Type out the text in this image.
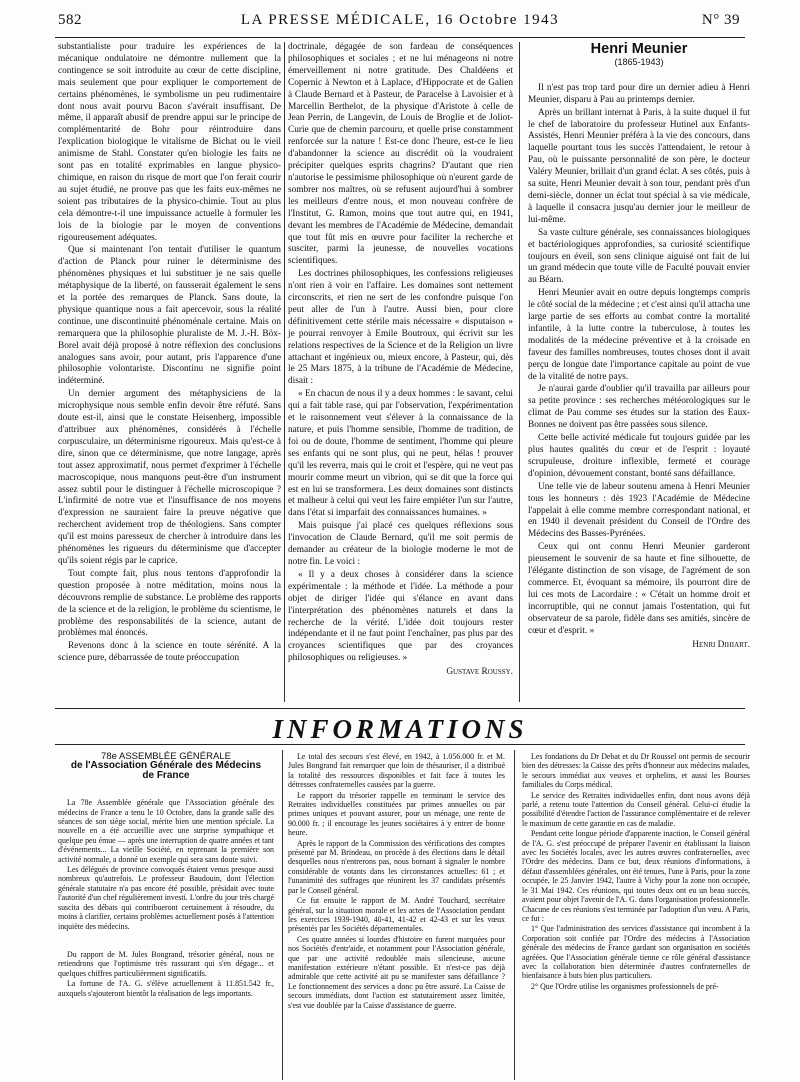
582	LA PRESSE MÉDICALE, 16 Octobre 1943	N° 39

substantialiste pour traduire les expériences de la mécanique ondulatoire ne démontre nullement que la contingence se soit introduite au cœur de cette discipline, mais seulement que pour expliquer le comportement de certains phénomènes, le symbolisme un peu rudimentaire dont nous avait pourvu Bacon s'avérait insuffisant. De même, il apparaît abusif de prendre appui sur le principe de complémentarité de Bohr pour réintroduire dans l'explication biologique le vitalisme de Bichat ou le vieil animisme de Stahl. Constater qu'en biologie les faits ne sont pas en totalité exprimables en langue physico-chimique, en raison du risque de mort que l'on ferait courir au sujet étudié, ne prouve pas que les faits eux-mêmes ne soient pas tributaires de la physico-chimie. Tout au plus cela démontre-t-il une impuissance actuelle à formuler les lois de la biologie par le moyen de conventions rigoureusement adéquates.

Que si maintenant l'on tentait d'utiliser le quantum d'action de Planck pour ruiner le déterminisme des phénomènes physiques et lui substituer je ne sais quelle métaphysique de la liberté, on fausserait également le sens et la portée des remarques de Planck. Sans doute, la physique quantique nous a fait apercevoir, sous la réalité continue, une discontinuité phénoménale certaine. Mais on remarquera que la philosophie pluraliste de M. J.-H. Böx-Borel avait déjà proposé à notre réflexion des conclusions analogues sans avoir, pour autant, pris l'apparence d'une philosophie volontariste. Discontinu ne signifie point indéterminé.

Un dernier argument des métaphysiciens de la microphysique nous semble enfin devoir être réfuté. Sans doute est-il, ainsi que le constate Heisenberg, impossible d'attribuer aux phénomènes, considérés à l'échelle corpusculaire, un déterminisme rigoureux. Mais qu'est-ce à dire, sinon que ce déterminisme, que notre langage, après tout assez approximatif, nous permet d'exprimer à l'échelle macroscopique, nous manquons peut-être d'un instrument assez subtil pour le distinguer à l'échelle microscopique ? L'infirmité de notre vue et l'insuffisance de nos moyens d'expression ne sauraient faire la preuve négative que recherchent avidement trop de théologiens. Sans compter qu'il est moins paresseux de chercher à introduire dans les phénomènes les rigueurs du déterminisme que d'accepter qu'ils soient régis par le caprice.

Tout compte fait, plus nous tentons d'approfondir la question proposée à notre méditation, moins nous la découvrons remplie de substance. Le problème des rapports de la science et de la religion, le problème du scientisme, le problème des responsabilités de la science, autant de problèmes mal énoncés.

Revenons donc à la science en toute sérénité. A la science pure, débarrassée de toute préoccupation

doctrinale, dégagée de son fardeau de conséquences philosophiques et sociales ; et ne lui ménageons ni notre émerveillement ni notre gratitude. Des Chaldéens et Copernic à Newton et à Laplace, d'Hippocrate et de Galien à Claude Bernard et à Pasteur, de Paracelse à Lavoisier et à Marcellin Berthelot, de la physique d'Aristote à celle de Jean Perrin, de Langevin, de Louis de Broglie et de Joliot-Curie que de chemin parcouru, et quelle prise constamment renforcée sur la nature ! Est-ce donc l'heure, est-ce le lieu d'abandonner la science au discrédit où la voudraient précipiter quelques esprits chagrins? D'autant que rien n'autorise le pessimisme philosophique où n'eurent garde de sombrer nos maîtres, où se refusent aujourd'hui à sombrer les meilleurs d'entre nous, et mon nouveau confrère de l'Institut, G. Ramon, moins que tout autre qui, en 1941, devant les membres de l'Académie de Médecine, demandait que tout fût mis en œuvre pour faciliter la recherche et susciter, parmi la jeunesse, de nouvelles vocations scientifiques.

Les doctrines philosophiques, les confessions religieuses n'ont rien à voir en l'affaire. Les domaines sont nettement circonscrits, et rien ne sert de les confondre puisque l'on peut aller de l'un à l'autre. Aussi bien, pour clore définitivement cette stérile mais nécessaire « disputaison » je pourrai renvoyer à Emile Boutroux, qui écrivit sur les relations respectives de la Science et de la Religion un livre attachant et ingénieux ou, mieux encore, à Pasteur, qui, dès le 25 Mars 1875, à la tribune de l'Académie de Médecine, disait :

« En chacun de nous il y a deux hommes : le savant, celui qui a fait table rase, qui par l'observation, l'expérimentation et le raisonnement veut s'élever à la connaissance de la nature, et puis l'homme sensible, l'homme de tradition, de foi ou de doute, l'homme de sentiment, l'homme qui pleure ses enfants qui ne sont plus, qui ne peut, hélas ! prouver qu'il les reverra, mais qui le croit et l'espère, qui ne veut pas mourir comme meurt un vibrion, qui se dit que la force qui est en lui se transformera. Les deux domaines sont distincts et malheur à celui qui veut les faire empiéter l'un sur l'autre, dans l'état si imparfait des connaissances humaines. »

Mais puisque j'ai placé ces quelques réflexions sous l'invocation de Claude Bernard, qu'il me soit permis de demander au créateur de la biologie moderne le mot de notre fin. Le voici :

« Il y a deux choses à considérer dans la science expérimentale : la méthode et l'idée. La méthode a pour objet de diriger l'idée qui s'élance en avant dans l'interprétation des phénomènes naturels et dans la recherche de la vérité. L'idée doit toujours rester indépendante et il ne faut point l'enchaîner, pas plus par des croyances scientifiques que par des croyances philosophiques ou religieuses. »

Gustave Roussy.
Henri Meunier
(1865-1943)

Il n'est pas trop tard pour dire un dernier adieu à Henri Meunier, disparu à Pau au printemps dernier.

Après un brillant internat à Paris, à la suite duquel il fut le chef de laboratoire du professeur Hutinel aux Enfants-Assistés, Henri Meunier préféra à la vie des concours, dans laquelle pourtant tous les succès l'attendaient, le retour à Pau, où le puissante personnalité de son père, le docteur Valéry Meunier, brillait d'un grand éclat. A ses côtés, puis à sa suite, Henri Meunier devait à son tour, pendant près d'un demi-siècle, donner un éclat tout spécial à sa vie médicale, à laquelle il consacra jusqu'au dernier jour le meilleur de lui-même.

Sa vaste culture générale, ses connaissances biologiques et bactériologiques approfondies, sa curiosité scientifique toujours en éveil, son sens clinique aiguisé ont fait de lui un grand médecin que toute ville de Faculté pouvait envier au Béarn.

Henri Meunier avait en outre depuis longtemps compris le côté social de la médecine ; et c'est ainsi qu'il attacha une large partie de ses efforts au combat contre la mortalité infantile, à la lutte contre la tuberculose, à toutes les modalités de la médecine préventive et à la croisade en faveur des familles nombreuses, toutes choses dont il avait perçu de longue date l'importance capitale au point de vue de la vitalité de notre pays.

Je n'aurai garde d'oublier qu'il travailla par ailleurs pour sa petite province : ses recherches météorologiques sur le climat de Pau comme ses études sur la station des Eaux-Bonnes ne doivent pas être passées sous silence.

Cette belle activité médicale fut toujours guidée par les plus hautes qualités du cœur et de l'esprit : loyauté scrupuleuse, droiture inflexible, fermeté et courage d'opinion, dévouement constant, bonté sans défaillance.

Une telle vie de labeur soutenu amena à Henri Meunier tous les honneurs : dès 1923 l'Académie de Médecine l'appelait à elle comme membre correspondant national, et en 1940 il devenait président du Conseil de l'Ordre des Médecins des Basses-Pyrénées.

Ceux qui ont connu Henri Meunier garderont pieusement le souvenir de sa haute et fine silhouette, de l'élégante distinction de son visage, de l'agrément de son commerce. Et, évoquant sa mémoire, ils pourront dire de lui ces mots de Lacordaire : « C'était un homme droit et incorruptible, qui ne connut jamais l'ostentation, qui fut observateur de sa parole, fidèle dans ses amitiés, sincère de cœur et d'esprit. »

Henri Dihiart.
INFORMATIONS
78e ASSEMBLÉE GÉNÉRALE
de l'Association Générale des Médecins
de France

La 78e Assemblée générale que l'Association générale des médecins de France a tenu le 10 Octobre, dans la grande salle des séances de son siège social, mérite bien une mention spéciale. La nouvelle en a été accueillie avec une surprise sympathique et quelque peu émue — après une interruption de quatre années et tant d'événements... La vieille Société, en reprenant la première son activité normale, a donné un exemple qui sera sans doute suivi.

Les délégués de province convoqués étaient venus presque aussi nombreux qu'autrefois. Le professeur Baudouin, dont l'élection générale statutaire n'a pas encore été possible, présidait avec toute l'autorité d'un chef régulièrement investi. L'ordre du jour très chargé suscita des débats qui contribueront certainement à résoudre, du moins à clarifier, certains problèmes actuellement posés à l'attention inquiète des médecins.

Du rapport de M. Jules Bongrand, trésorier général, nous ne retiendrons que l'optimisme très rassurant qui s'en dégage... et quelques chiffres particulièrement significatifs.

La fortune de l'A. G. s'élève actuellement à 11.851.542 fr., auxquels s'ajouteront bientôt la réalisation de legs importants.

Le total des secours s'est élevé, en 1942, à 1.056.000 fr. et M. Jules Bongrand fait remarquer que loin de thésauriser, il a distribué la totalité des ressources disponibles et fait face à toutes les détresses confraternelles causées par la guerre.

Le rapport du trésorier rappelle en terminant le service des Retraites individuelles constituées par primes annuelles ou par primes uniques et pouvant assurer, pour un ménage, une rente de 90.000 fr. ; il encourage les jeunes sociétaires à y entrer de bonne heure.

Après le rapport de la Commission des vérifications des comptes présenté par M. Brindeau, on procède à des élections dans le détail desquelles nous n'entrerons pas, nous bornant à signaler le nombre considérable de votants dans les circonstances actuelles: 61 ; et l'unanimité des suffrages que réunirent les 37 candidats présentés par le Conseil général.

Ce fut ensuite le rapport de M. André Touchard, secrétaire général, sur la situation morale et les actes de l'Association pendant les exercices 1939-1940, 40-41, 41-42 et 42-43 et sur les vœux présentés par les Sociétés départementales.

Ces quatre années si lourdes d'histoire en furent marquées pour nos Sociétés d'entr'aide, et notamment pour l'Association générale, que par une activité redoublée mais silencieuse, aucune manifestation extérieure n'étant possible. Et n'est-ce pas déjà admirable que cette activité ait pu se manifester sans défaillance ? Le fonctionnement des services a donc pu être assuré. La Caisse de secours immédiats, dont l'action est statutairement assez limitée, s'est vue doublée par la Caisse d'assistance de guerre.

Les fondations du Dr Debat et du Dr Roussel ont permis de secourir bien des détresses: la Caisse des prêts d'honneur aux médecins malades, le secours immédiat aux veuves et orphelins, et aussi les Bourses familiales du Corps médical.

Le service des Retraites individuelles enfin, dont nous avons déjà parlé, a retenu toute l'attention du Conseil général. Celui-ci étudie la possibilité d'étendre l'action de l'assurance complémentaire et de relever le maximum de cette garantie en cas de maladie.

Pendant cette longue période d'apparente inaction, le Conseil général de l'A. G. s'est préoccupé de préparer l'avenir en établissant la liaison avec les Sociétés locales, avec les autres œuvres confraternelles, avec l'Ordre des médecins. Dans ce but, deux réunions d'informations, à défaut d'assemblées générales, ont été tenues, l'une à Paris, pour la zone occupée, le 25 Janvier 1942, l'autre à Vichy pour la zone non occupée, le 31 Mai 1942. Ces réunions, qui toutes deux ont eu un beau succès, avaient pour objet l'avenir de l'A. G. dans l'organisation professionnelle. Chacune de ces réunions s'est terminée par l'adoption d'un vœu. A Paris, ce fut :

1° Que l'administration des services d'assistance qui incombent à la Corporation soit confiée par l'Ordre des médecins à l'Association générale des médecins de France gardant son organisation en sociétés agréées. Que l'Association générale tienne ce rôle général d'assistance avec la collaboration bien déterminée d'autres confraternelles de bienfaisance à buts bien plus particuliers.

2° Que l'Ordre utilise les organismes professionnels de pré-
